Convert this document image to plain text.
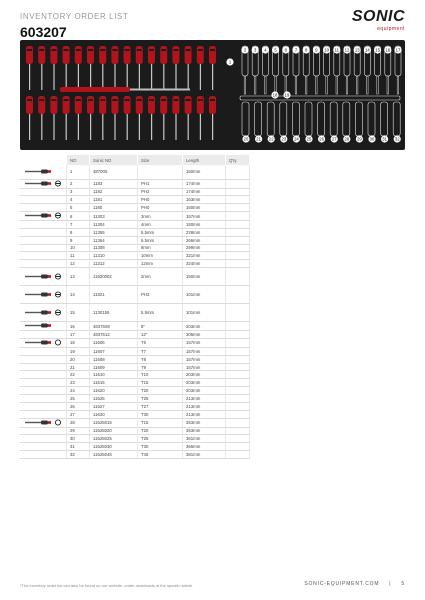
INVENTORY ORDER LIST
603207
SONIC
equipment
2 3 4 5 6 7 8 9 10 11 12 13 14 15 16 17
1
18 19
20 21 22 23 24 25 26 27 28 29 30 31 32
	NO	Sonic NO	Size	Length	Q'ty
	1	487005		150mm	
	2	1183	PH1	174mm	
	3	1182	PH2	174mm	
	4	1181	PH0	163mm	
	5	1180	PH0	150mm	
	6	11303	3mm	157mm	
	7	11304	4mm	150mm	
	8	11355	5.5mm	228mm	
	9	11364	6.5mm	266mm	
	10	11308	8mm	299mm	
	11	11310	10mm	321mm	
	12	11312	12mm	324mm	
	13	11920002	2mm	150mm	
	14	11821	PH2	101mm	
	15	1130155	5.5mm	101mm	
	16	4837608	8"	203mm	
	17	4837612	12"	305mm	
	18	11606	T6	157mm	
	19	11607	T7	157mm	
	20	11608	T8	157mm	
	21	11609	T9	157mm	
	22	11610	T10	203mm	
	23	11615	T15	203mm	
	24	11620	T20	203mm	
	25	11625	T25	213mm	
	26	11627	T27	213mm	
	27	11630	T30	213mm	
	28	11625015	T15	353mm	
	29	11625020	T20	353mm	
	30	11625025	T25	361mm	
	31	11625030	T30	365mm	
	32	11625045	T45	381mm	
*The inventory order list can also be found on our website, under downloads at the specific article.	SONIC-EQUIPMENT.COM | 5
